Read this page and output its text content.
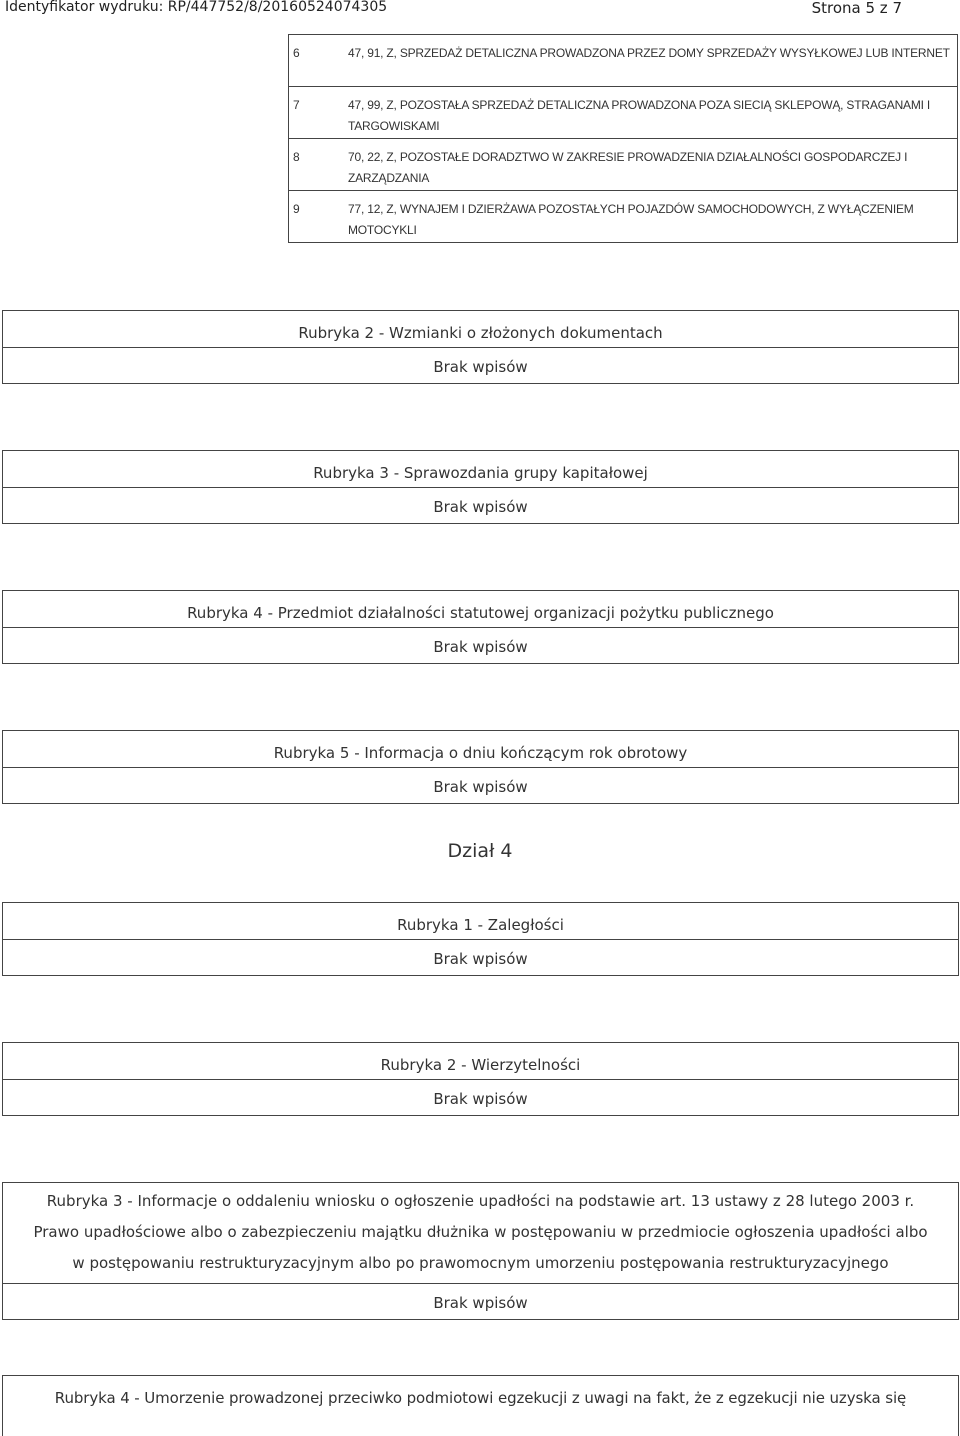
Identyfikator wydruku: RP/447752/8/20160524074305	Strona 5 z 7
6	47, 91, Z, SPRZEDAŻ DETALICZNA PROWADZONA PRZEZ DOMY SPRZEDAŻY WYSYŁKOWEJ LUB INTERNET
7	47, 99, Z, POZOSTAŁA SPRZEDAŻ DETALICZNA PROWADZONA POZA SIECIĄ SKLEPOWĄ, STRAGANAMI I TARGOWISKAMI
8	70, 22, Z, POZOSTAŁE DORADZTWO W ZAKRESIE PROWADZENIA DZIAŁALNOŚCI GOSPODARCZEJ I ZARZĄDZANIA
9	77, 12, Z, WYNAJEM I DZIERŻAWA POZOSTAŁYCH POJAZDÓW SAMOCHODOWYCH, Z WYŁĄCZENIEM MOTOCYKLI
Rubryka 2 - Wzmianki o złożonych dokumentach
Brak wpisów
Rubryka 3 - Sprawozdania grupy kapitałowej
Brak wpisów
Rubryka 4 - Przedmiot działalności statutowej organizacji pożytku publicznego
Brak wpisów
Rubryka 5 - Informacja o dniu kończącym rok obrotowy
Brak wpisów
Dział 4
Rubryka 1 - Zaległości
Brak wpisów
Rubryka 2 - Wierzytelności
Brak wpisów
Rubryka 3 - Informacje o oddaleniu wniosku o ogłoszenie upadłości na podstawie art. 13 ustawy z 28 lutego 2003 r.
Prawo upadłościowe albo o zabezpieczeniu majątku dłużnika w postępowaniu w przedmiocie ogłoszenia upadłości albo
w postępowaniu restrukturyzacyjnym albo po prawomocnym umorzeniu postępowania restrukturyzacyjnego
Brak wpisów
Rubryka 4 - Umorzenie prowadzonej przeciwko podmiotowi egzekucji z uwagi na fakt, że z egzekucji nie uzyska się
